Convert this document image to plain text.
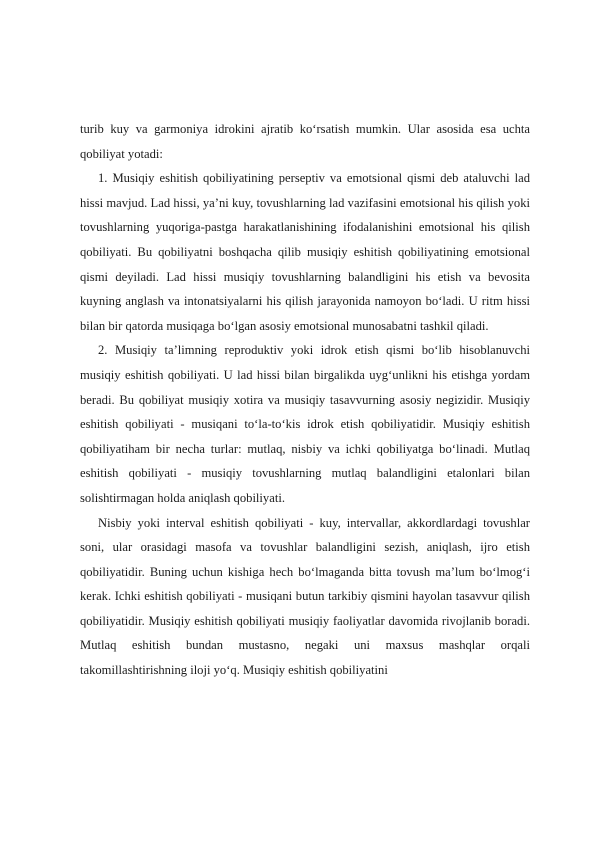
turib kuy va garmoniya idrokini ajratib ko‘rsatish mumkin. Ular asosida esa uchta qobiliyat yotadi:

1. Musiqiy eshitish qobiliyatining perseptiv va emotsional qismi deb ataluvchi lad hissi mavjud. Lad hissi, ya’ni kuy, tovushlarning lad vazifasini emotsional his qilish yoki tovushlarning yuqoriga-pastga harakatlanishining ifodalanishini emotsional his qilish qobiliyati. Bu qobiliyatni boshqacha qilib musiqiy eshitish qobiliyatining emotsional qismi deyiladi. Lad hissi musiqiy tovushlarning balandligini his etish va bevosita kuyning anglash va intonatsiyalarni his qilish jarayonida namoyon bo‘ladi. U ritm hissi bilan bir qatorda musiqaga bo‘lgan asosiy emotsional munosabatni tashkil qiladi.

2. Musiqiy ta’limning reproduktiv yoki idrok etish qismi bo‘lib hisoblanuvchi musiqiy eshitish qobiliyati. U lad hissi bilan birgalikda uyg‘unlikni his etishga yordam beradi. Bu qobiliyat musiqiy xotira va musiqiy tasavvurning asosiy negizidir. Musiqiy eshitish qobiliyati - musiqani to‘la-to‘kis idrok etish qobiliyatidir. Musiqiy eshitish qobiliyatiham bir necha turlar: mutlaq, nisbiy va ichki qobiliyatga bo‘linadi. Mutlaq eshitish qobiliyati - musiqiy tovushlarning mutlaq balandligini etalonlari bilan solishtirmagan holda aniqlash qobiliyati.

Nisbiy yoki interval eshitish qobiliyati - kuy, intervallar, akkordlardagi tovushlar soni, ular orasidagi masofa va tovushlar balandligini sezish, aniqlash, ijro etish qobiliyatidir. Buning uchun kishiga hech bo‘lmaganda bitta tovush ma’lum bo‘lmog‘i kerak. Ichki eshitish qobiliyati - musiqani butun tarkibiy qismini hayolan tasavvur qilish qobiliyatidir. Musiqiy eshitish qobiliyati musiqiy faoliyatlar davomida rivojlanib boradi. Mutlaq eshitish bundan mustasno, negaki uni maxsus mashqlar orqali takomillashtirishning iloji yo‘q. Musiqiy eshitish qobiliyatini
